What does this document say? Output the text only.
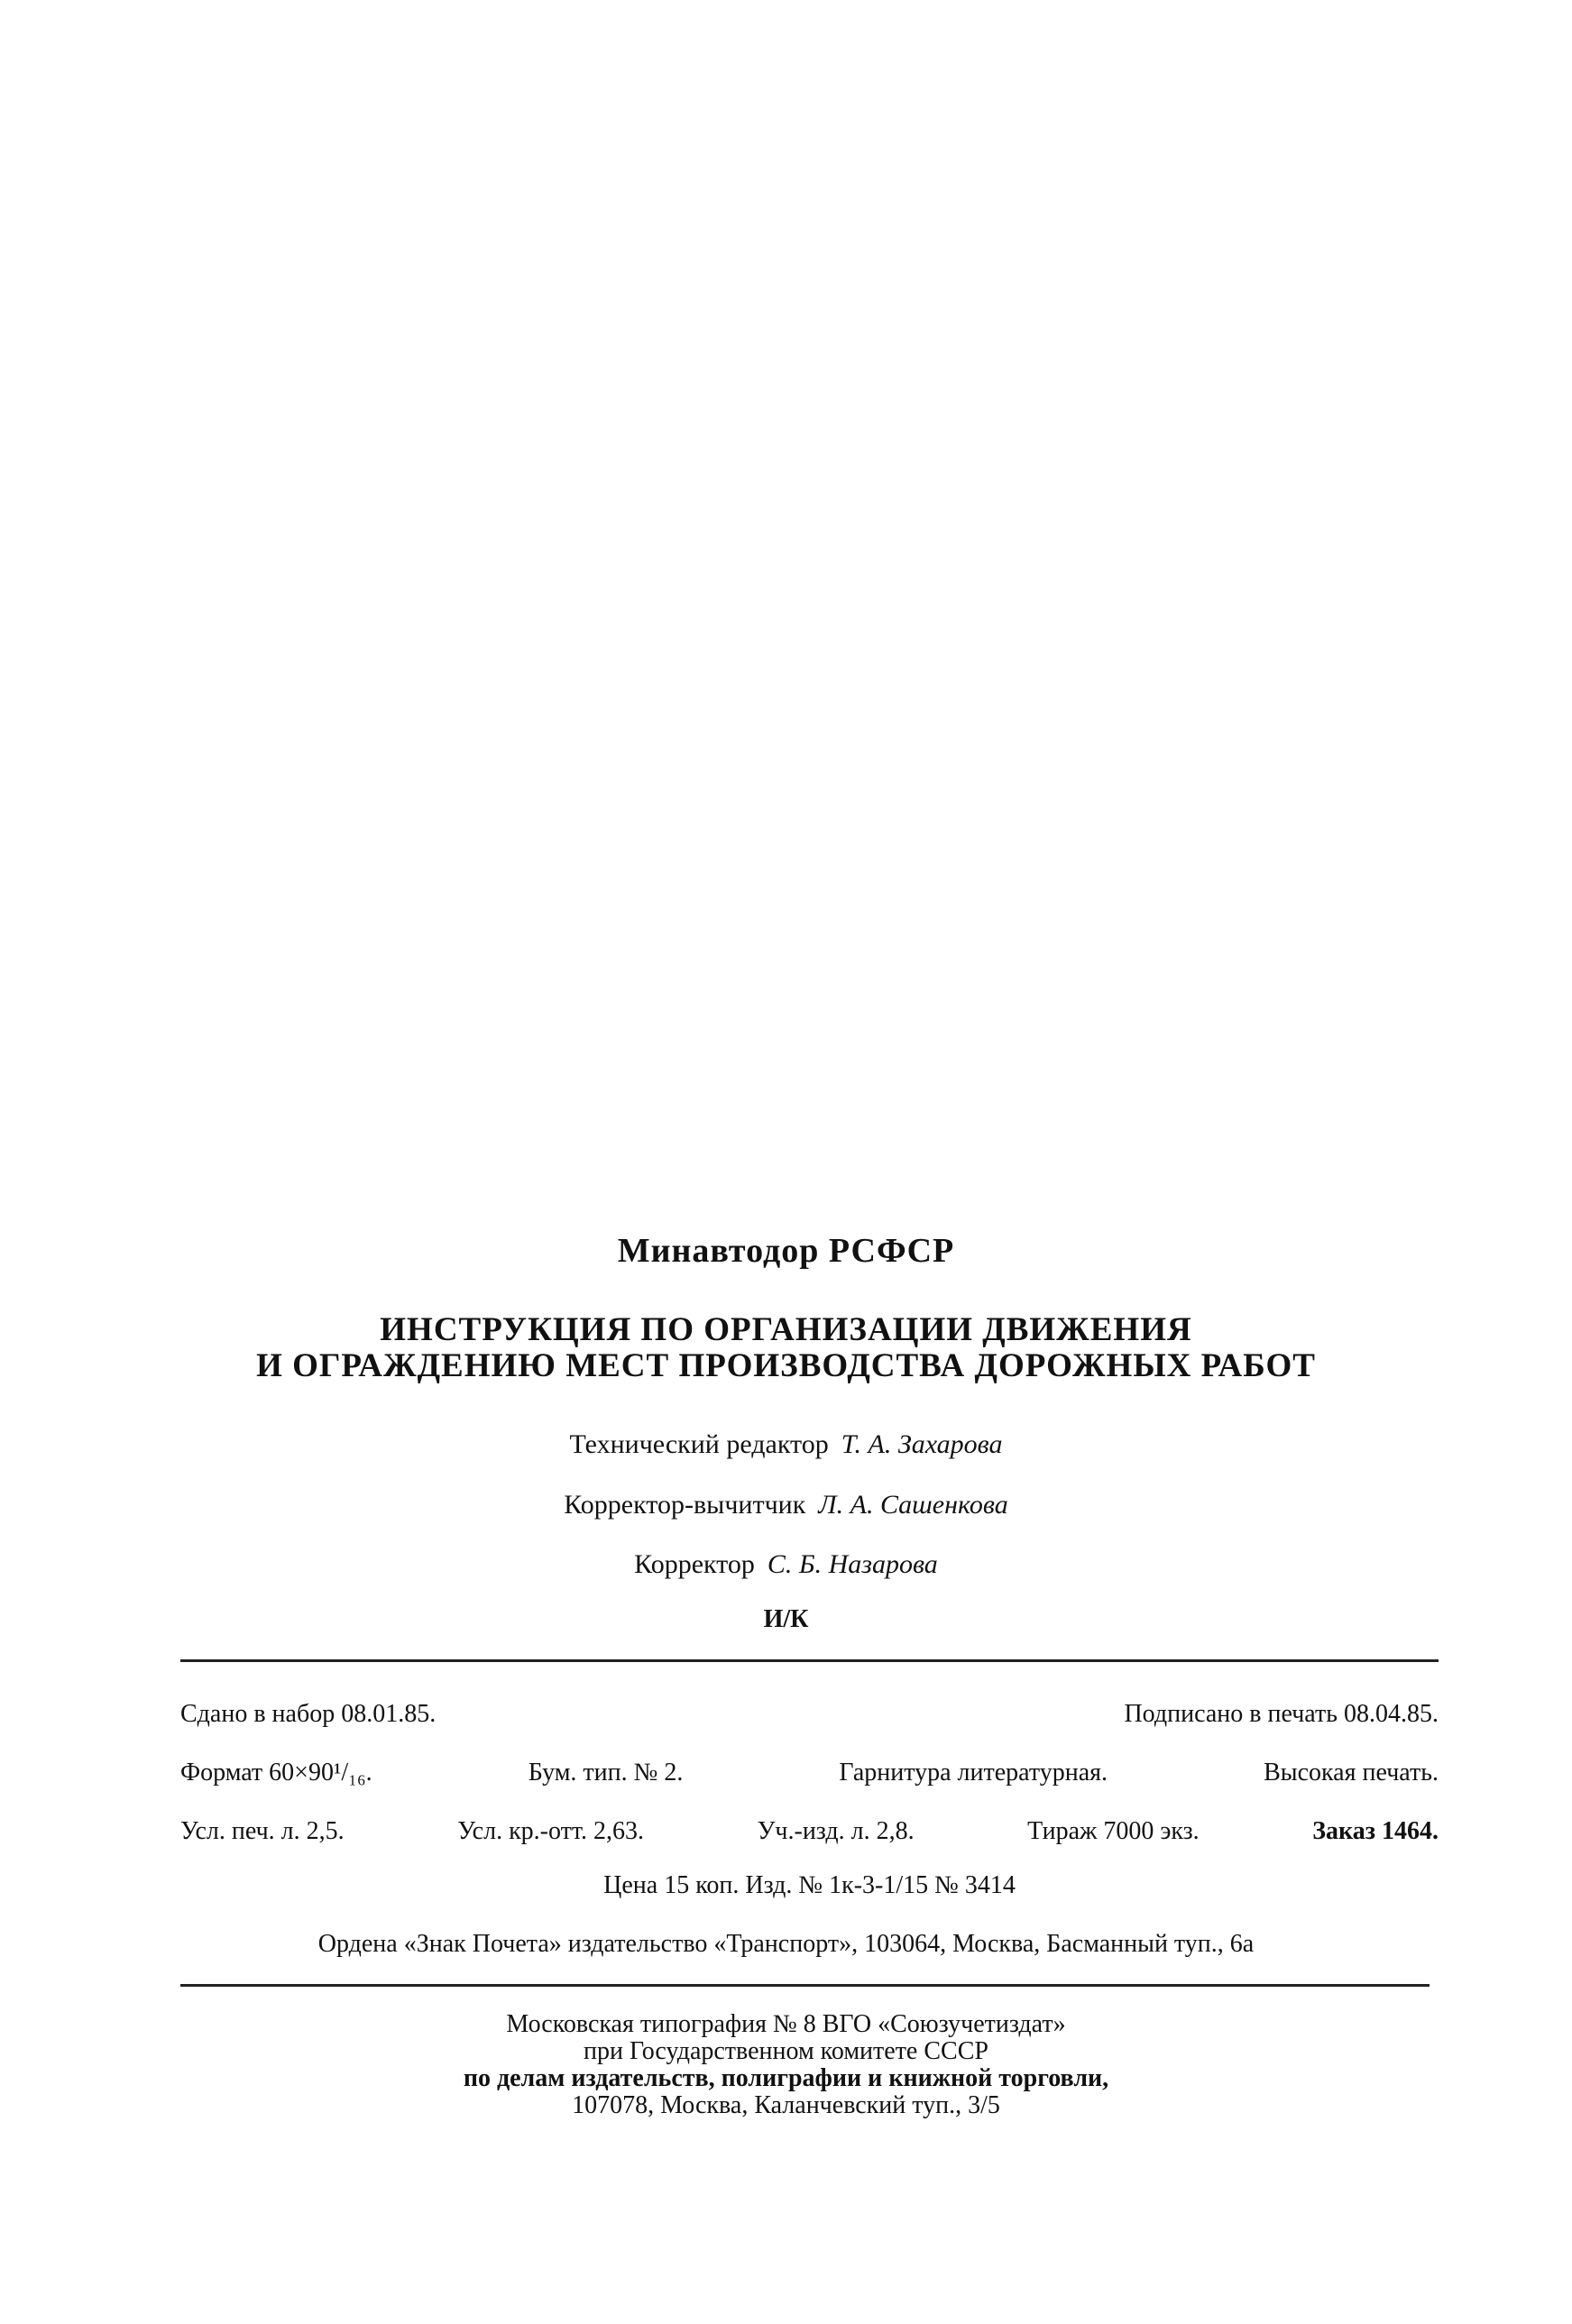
Минавтодор РСФСР
ИНСТРУКЦИЯ ПО ОРГАНИЗАЦИИ ДВИЖЕНИЯ
И ОГРАЖДЕНИЮ МЕСТ ПРОИЗВОДСТВА ДОРОЖНЫХ РАБОТ
Технический редактор Т. А. Захарова
Корректор-вычитчик Л. А. Сашенкова
Корректор С. Б. Назарова
И/К
Сдано в набор 08.01.85.	Подписано в печать 08.04.85.
Формат 60×90¹/₁₆.	Бум. тип. № 2.	Гарнитура литературная.	Высокая печать.
Усл. печ. л. 2,5.	Усл. кр.-отт. 2,63.	Уч.-изд. л. 2,8.	Тираж 7000 экз.	Заказ 1464.
Цена 15 коп. Изд. № 1к-3-1/15 № 3414
Ордена «Знак Почета» издательство «Транспорт», 103064, Москва, Басманный туп., 6а
Московская типография № 8 ВГО «Союзучетиздат»
при Государственном комитете СССР
по делам издательств, полиграфии и книжной торговли,
107078, Москва, Каланчевский туп., 3/5
